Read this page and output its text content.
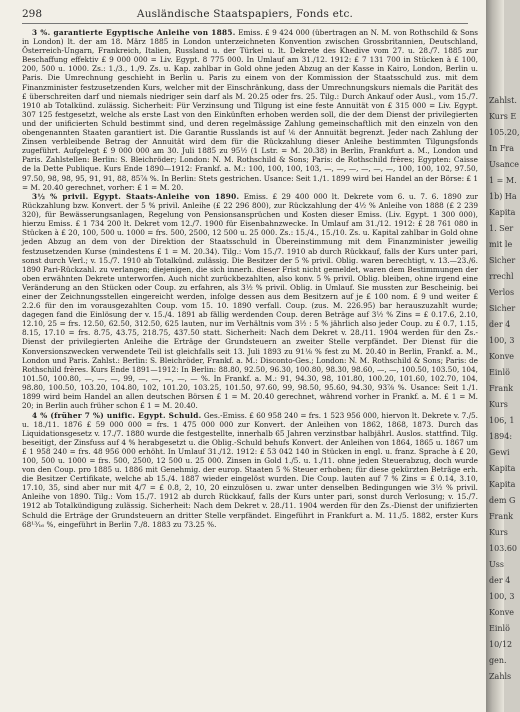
298	Ausländische Staatspapiers, Fonds etc.

3 %. garantierte Egyptische Anleihe von 1885. Emiss. £ 9 424 000 (übertragen an N. M. von Rothschild & Sons in London) lt. der am 18. März 1885 in London unterzeichneten Konvention zwischen Grossbritannien, Deutschland, Österreich-Ungarn, Frankreich, Italien, Russland u. der Türkei u. lt. Dekrete des Khedive vom 27. u. 28./7. 1885 zur Beschaffung effektiv £ 9 000 000 = Liv. Egypt. 8 775 000. In Umlauf am 31./12. 1912: £ 7 131 700 in Stücken à £ 100, 200, 500 u. 1000. Zs.: 1./3., 1./9. Zs. u. Kap. zahlbar in Gold ohne jeden Abzug an der Kasse in Kairo, London, Berlin u. Paris. Die Umrechnung geschieht in Berlin u. Paris zu einem von der Kommission der Staatsschuld zus. mit dem Finanzminister festzusetzenden Kurs, welcher mit der Einschränkung, dass der Umrechnungskurs niemals die Parität des £ überschreiten darf und niemals niedriger sein darf als M. 20.25 oder frs. 25. Tilg.: Durch Ankauf oder Ausl., vom 15./7. 1910 ab Totalkünd. zulässig. Sicherheit: Für Verzinsung und Tilgung ist eine feste Annuität von £ 315 000 = Liv. Egypt. 307 125 festgesetzt, welche als erste Last von den Einkünften erhoben werden soll, die der dem Dienst der privilegierten und der unificierten Schuld bestimmt sind, und deren regelmässige Zahlung gemeinschaftlich mit den einzeln von den obengenannten Staaten garantiert ist. Die Garantie Russlands ist auf ⅙ der Annuität begrenzt. Jeder nach Zahlung der Zinsen verbleibende Betrag der Annuität wird dem für die Rückzahlung dieser Anleihe bestimmten Tilgungsfonds zugeführt. Aufgelegt £ 9 000 000 am 30. Juli 1885 zu 95½ (1 Lstr. = M. 20.38) in Berlin, Frankfurt a. M., London und Paris. Zahlstellen: Berlin: S. Bleichröder; London: N. M. Rothschild & Sons; Paris: de Rothschild frères; Egypten: Caisse de la Dette Publique. Kurs Ende 1890—1912: Frankf. a. M.: 100, 100, 100, 103, —, —, —, —, —, —, 100, 100, 102, 97.50, 97.50, 98, 98, 95, 91, 91, 88, 85⅞ %. In Berlin: Stets gestrichen. Usance: Seit 1./1. 1899 wird bei Handel an der Börse: £ 1 = M. 20.40 gerechnet, vorher: £ 1 = M. 20.

3½ % privil. Egypt. Staats-Anleihe von 1890. Emiss. £ 29 400 000 lt. Dekrete vom 6. u. 7. 6. 1890 zur Rückzahlung bzw. Konvert. der 5 % privil. Anleihe (£ 22 296 800), zur Rückzahlung der 4½ % Anleihe von 1888 (£ 2 239 320), für Bewässerungsanlagen, Regelung von Pensionsansprüchen und Kosten dieser Emiss. (Liv. Egypt. 1 300 000), hierzu Emiss. £ 1 734 200 lt. Dekret vom 12./7. 1900 für Eisenbahnzwecke. In Umlauf am 31./12. 1912: £ 28 761 080 in Stücken à £ 20, 100, 500 u. 1000 = frs. 500, 2500, 12 500 u. 25 000. Zs.: 15./4., 15./10. Zs. u. Kapital zahlbar in Gold ohne jeden Abzug an dem von der Direktion der Staatsschuld in Übereinstimmung mit dem Finanzminister jeweilig festzusetzenden Kurse (mindestens £ 1 = M. 20.34). Tilg.: Vom 15./7. 1910 ab durch Rückkauf, falls der Kurs unter pari, sonst durch Verl.; v. 15./7. 1910 ab Totalkünd. zulässig. Die Besitzer der 5 % privil. Oblig. waren berechtigt, v. 13.—23./6. 1890 Pari-Rückzahl. zu verlangen; diejenigen, die sich innerh. dieser Frist nicht gemeldet, waren dem Bestimmungen der oben erwähnten Dekrete unterworfen. Auch nicht zurückbezahlten, also konv. 5 % privil. Oblig. bleiben, ohne irgend eine Veränderung an den Stücken oder Coup. zu erfahren, als 3½ % privil. Oblig. in Umlauf. Sie mussten zur Bescheinig. bei einer der Zeichnungsstellen eingereicht werden, infolge dessen aus dem Besitzern auf je £ 100 nom. £ 9 und weiter £ 2.2.6 für den im vorausgezahlten Coup. vom 15. 10. 1890 verfall. Coup. (zus. M. 226.95) bar herauszuzahlt wurde; dagegen fand die Einlösung der v. 15./4. 1891 ab fällig werdenden Coup. deren Beträge auf 3½ % Zins = £ 0.17.6, 2.10, 12.10, 25 = frs. 12.50, 62.50, 312.50, 625 lauten, nur im Verhältnis vom 3½ : 5 % jährlich also jeder Coup. zu £ 0.7, 1.15, 8.15, 17.10 = frs. 8.75, 43.75, 218.75, 437.50 statt. Sicherheit: Nach dem Dekret v. 28./11. 1904 werden für den Zs.-Dienst der privilegierten Anleihe die Erträge der Grundsteuern an zweiter Stelle verpfändet. Der Dienst für die Konversionszwecken verwendete Teil ist gleichfalls seit 13. Juli 1893 zu 91⅛ % fest zu M. 20.40 in Berlin, Frankf. a. M., London und Paris. Zahlst.: Berlin: S. Bleichröder, Frankf. a. M.: Disconto-Ges.; London: N. M. Rothschild & Sons; Paris: de Rothschild frères. Kurs Ende 1891—1912: In Berlin: 88.80, 92.50, 96.30, 100.80, 98.30, 98.60, —, —, 100.50, 103.50, 104, 101.50, 100.80, —, —, —, 99, —, —, —, —, — %. In Frankf. a. M.: 91, 94.30, 98, 101.80, 100.20, 101.60, 102.70, 104, 98.80, 100.50, 103.20, 104.80, 102, 101.20, 103.25, 101.50, 97.60, 99, 98.50, 95.60, 94.30, 93⅞ %. Usance: Seit 1./1. 1899 wird beim Handel an allen deutschen Börsen £ 1 = M. 20.40 gerechnet, während vorher in Frankf. a. M. £ 1 = M. 20; in Berlin auch früher schon £ 1 = M. 20.40.

4 % (früher 7 %) unific. Egypt. Schuld. Ges.-Emiss. £ 60 958 240 = frs. 1 523 956 000, hiervon lt. Dekrete v. 7./5. u. 18./11. 1876 £ 59 000 000 = frs. 1 475 000 000 zur Konvert. der Anleihen von 1862, 1868, 1873. Durch das Liquidationsgesetz v. 17./7. 1880 wurde die festgestellte, innerhalb 65 Jahren verzinstbar halbjährl. Auslos. stattfind. Tilg. beseitigt, der Zinsfuss auf 4 % herabgesetzt u. die Oblig.-Schuld behufs Konvert. der Anleihen von 1864, 1865 u. 1867 um £ 1 958 240 = frs. 48 956 000 erhöht. In Umlauf 31./12. 1912: £ 53 042 140 in Stücken in engl. u. franz. Sprache à £ 20, 100, 500 u. 1000 = frs. 500, 2500, 12 500 u. 25 000. Zinsen in Gold 1./5. u. 1./11. ohne jeden Steuerabzug, doch wurde von den Coup. pro 1885 u. 1886 mit Genehmig. der europ. Staaten 5 % Steuer erhoben; für diese gekürzten Beträge erh. die Besitzer Certifikate, welche ab 15./4. 1887 wieder eingelöst wurden. Die Coup. lauten auf 7 % Zins = £ 0.14, 3.10, 17.10, 35, sind aber nur mit 4/7 = £ 0.8, 2, 10, 20 einzulösen u. zwar unter denselben Bedingungen wie 3½ % privil. Anleihe von 1890. Tilg.: Vom 15./7. 1912 ab durch Rückkauf, falls der Kurs unter pari, sonst durch Verlosung; v. 15./7. 1912 ab Totalkündigung zulässig. Sicherheit: Nach dem Dekret v. 28./11. 1904 werden für den Zs.-Dienst der unifizierten Schuld die Erträge der Grundsteuern an dritter Stelle verpfändet. Eingeführt in Frankfurt a. M. 11./5. 1882, erster Kurs 68¹³⁄₁₆ %, eingeführt in Berlin 7./8. 1883 zu 73.25 %.

Zahlst.
Kurs E
105.20,
In Fra
Usance
1 = M.
1b) Ha
Kapita
1. Ser
mit le
Sicher
rrechl
Verlos
Sicher
der 4
100, 3
Konve
Einlö
Frank
Kurs
106, 1
1894:
Gewi
Kapita
Kapita
dem G
Frank
Kurs
103.60
Uss
der 4
100, 3
Konve
Einlö
10/12
gen.
Zahls
